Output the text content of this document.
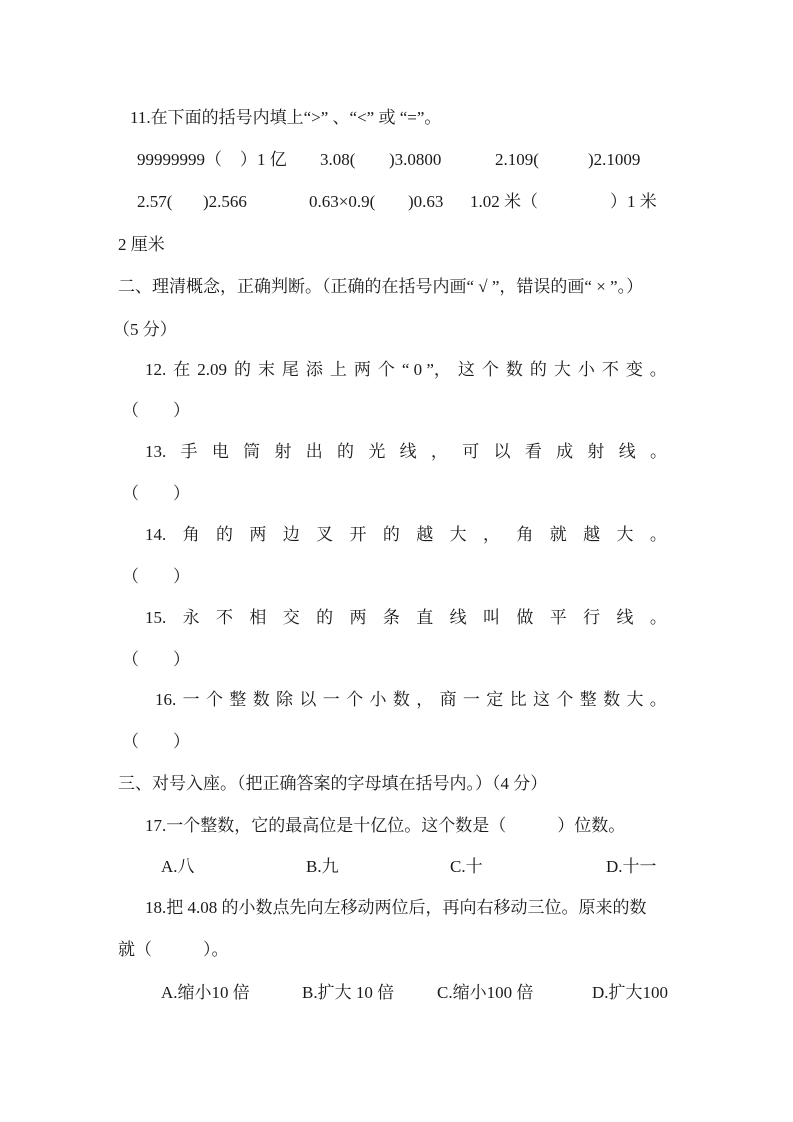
11.在下面的括号内填上“>” 、“<” 或 “=”。
99999999（ ）1 亿 3.08( )3.0800	2.109(	)2.1009
2.57( )2.566	0.63×0.9( )0.63 1.02 米（	）1 米
2 厘米
二、理清概念，正确判断。（正确的在括号内画“ √ ”，错误的画“ × ”。）
（5 分）
12. 在 2.09 的 末 尾 添 上 两 个 “ 0 ”， 这 个 数 的 大 小 不 变 。
（　　）
13. 手 电 筒 射 出 的 光 线 ， 可 以 看 成 射 线 。
（　　）
14. 角 的 两 边 叉 开 的 越 大 ， 角 就 越 大 。
（　　）
15. 永 不 相 交 的 两 条 直 线 叫 做 平 行 线 。
（　　）
16. 一 个 整 数 除 以 一 个 小 数 ， 商 一 定 比 这 个 整 数 大 。
（　　）
三、对号入座。（把正确答案的字母填在括号内。）（4 分）
17.一个整数，它的最高位是十亿位。这个数是（　　　）位数。
A.八	B.九	C.十	D.十一
18.把 4.08 的小数点先向左移动两位后，再向右移动三位。原来的数
就（　　　）。
A.缩小10 倍	B.扩大 10 倍	C.缩小100 倍	D.扩大100
